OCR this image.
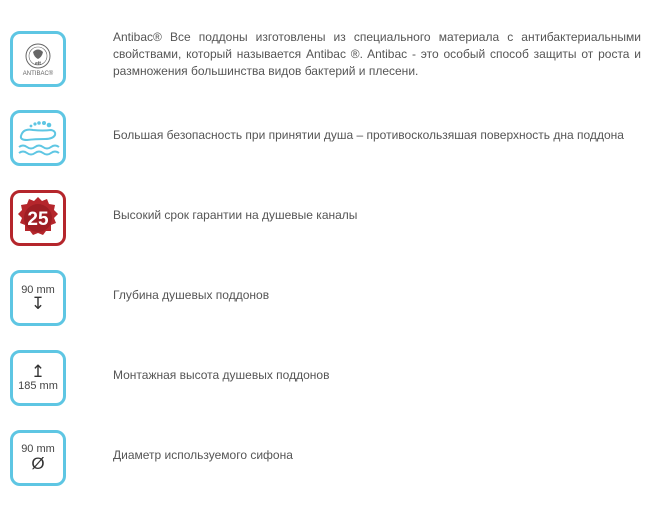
eit
ANTIBAC®
Antibac® Все поддоны изготовлены из специального материала с антибактериальными свойствами, который называется Antibac ®. Antibac - это особый способ защиты от роста и размножения большинства видов бактерий и плесени.
Большая безопасность при принятии душа – противоскользяшая поверхность дна поддона
25	Высокий срок гарантии на душевые каналы
90 mm
↧	Глубина душевых поддонов
↥
185 mm
Монтажная высота душевых поддонов
90 mm
Ø	Диаметр используемого сифона
